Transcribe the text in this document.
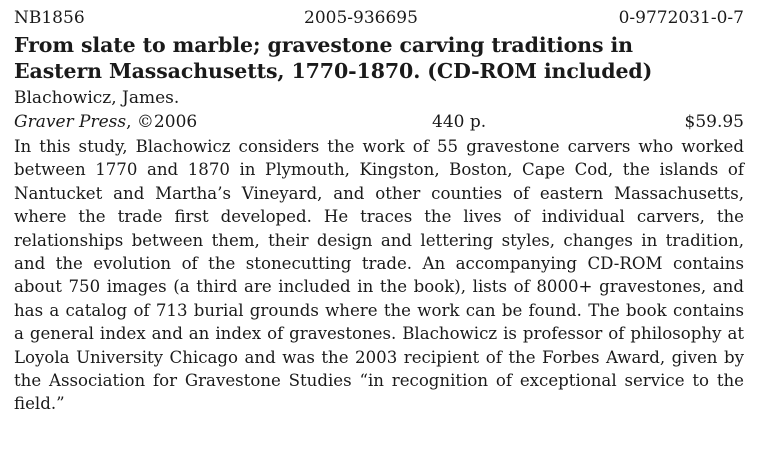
NB1856	2005-936695	0-9772031-0-7
From slate to marble; gravestone carving traditions in
Eastern Massachusetts, 1770-1870. (CD-ROM included)
Blachowicz, James.
Graver Press, ©2006	440 p.	$59.95
In this study, Blachowicz considers the work of 55 gravestone carvers who worked between 1770 and 1870 in Plymouth, Kingston, Boston, Cape Cod, the islands of Nantucket and Martha’s Vineyard, and other counties of eastern Massachusetts, where the trade first developed. He traces the lives of individual carvers, the relationships between them, their design and lettering styles, changes in tradition, and the evolution of the stonecutting trade. An accompanying CD-ROM contains about 750 images (a third are included in the book), lists of 8000+ gravestones, and has a catalog of 713 burial grounds where the work can be found. The book contains a general index and an index of gravestones. Blachowicz is professor of philosophy at Loyola University Chicago and was the 2003 recipient of the Forbes Award, given by the Association for Gravestone Studies “in recognition of exceptional service to the field.”
